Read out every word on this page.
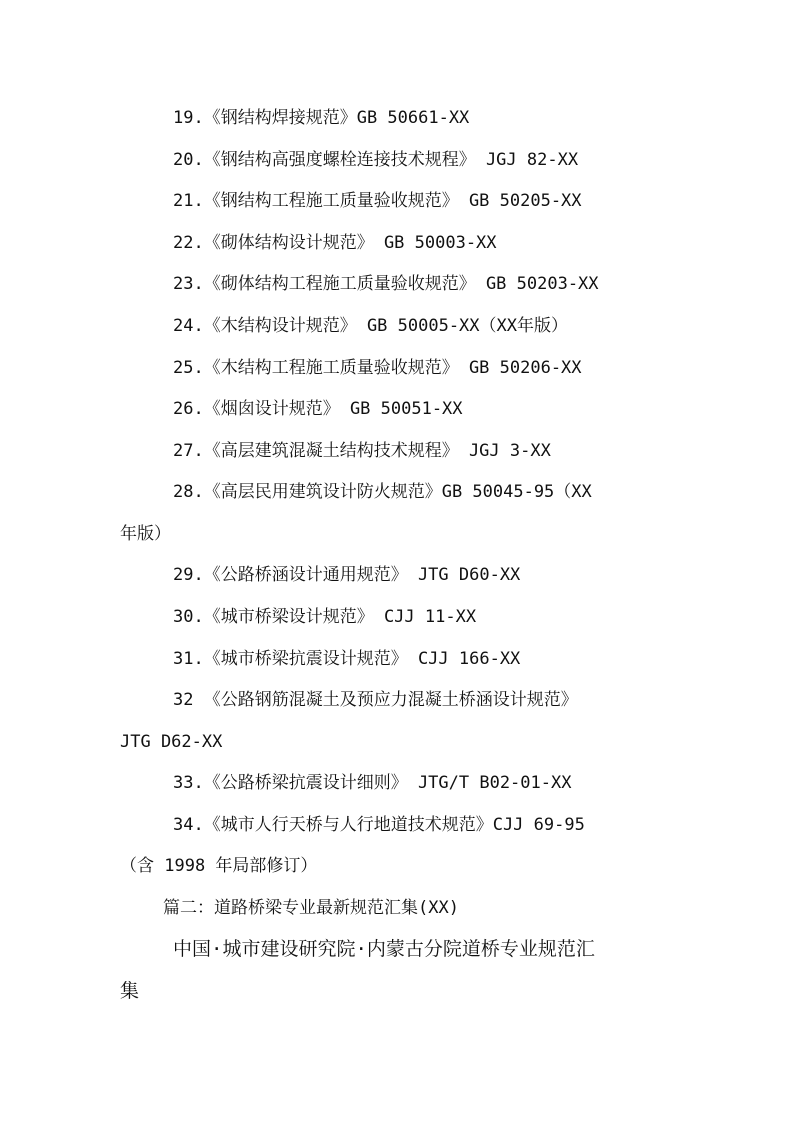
19.《钢结构焊接规范》GB 50661-XX
20.《钢结构高强度螺栓连接技术规程》 JGJ 82-XX
21.《钢结构工程施工质量验收规范》 GB 50205-XX
22.《砌体结构设计规范》 GB 50003-XX
23.《砌体结构工程施工质量验收规范》 GB 50203-XX
24.《木结构设计规范》 GB 50005-XX（XX年版）
25.《木结构工程施工质量验收规范》 GB 50206-XX
26.《烟囱设计规范》 GB 50051-XX
27.《高层建筑混凝土结构技术规程》 JGJ 3-XX
28.《高层民用建筑设计防火规范》GB 50045-95（XX
年版）
29.《公路桥涵设计通用规范》 JTG D60-XX
30.《城市桥梁设计规范》 CJJ 11-XX
31.《城市桥梁抗震设计规范》 CJJ 166-XX
32 《公路钢筋混凝土及预应力混凝土桥涵设计规范》
JTG D62-XX
33.《公路桥梁抗震设计细则》 JTG/T B02-01-XX
34.《城市人行天桥与人行地道技术规范》CJJ 69-95
（含 1998 年局部修订）
篇二：道路桥梁专业最新规范汇集(XX)
中国·城市建设研究院·内蒙古分院道桥专业规范汇
集
